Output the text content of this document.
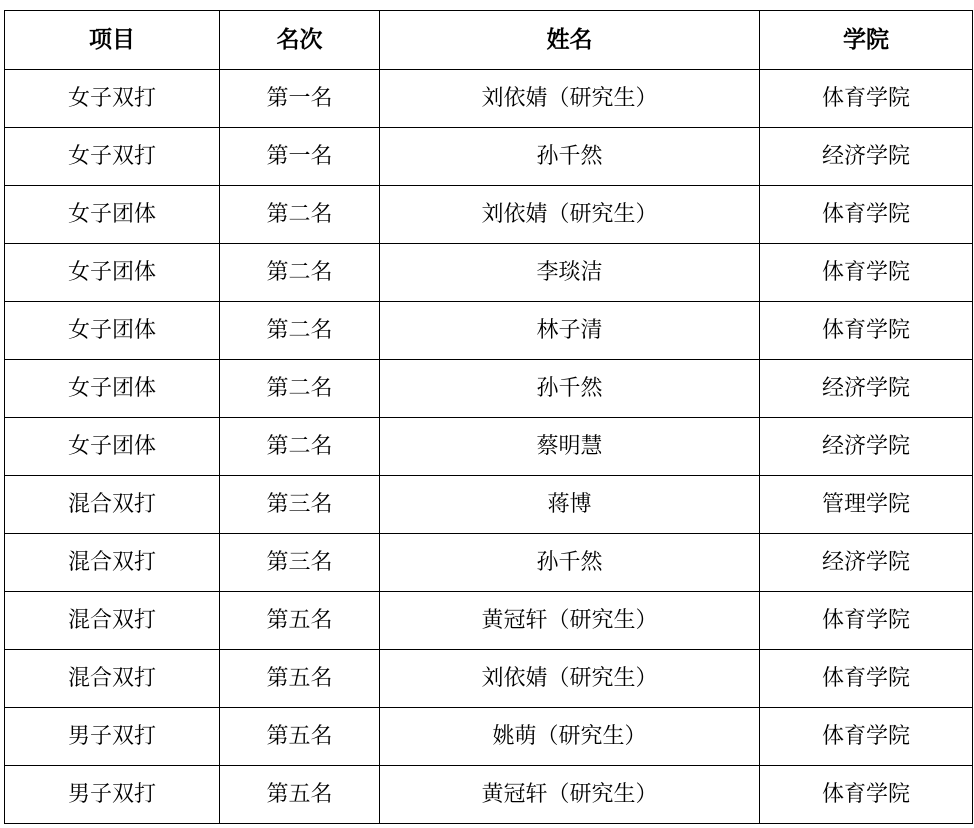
项目	名次	姓名	学院
女子双打	第一名	刘依婧（研究生）	体育学院
女子双打	第一名	孙千然	经济学院
女子团体	第二名	刘依婧（研究生）	体育学院
女子团体	第二名	李琰洁	体育学院
女子团体	第二名	林子清	体育学院
女子团体	第二名	孙千然	经济学院
女子团体	第二名	蔡明慧	经济学院
混合双打	第三名	蒋博	管理学院
混合双打	第三名	孙千然	经济学院
混合双打	第五名	黄冠轩（研究生）	体育学院
混合双打	第五名	刘依婧（研究生）	体育学院
男子双打	第五名	姚萌（研究生）	体育学院
男子双打	第五名	黄冠轩（研究生）	体育学院
